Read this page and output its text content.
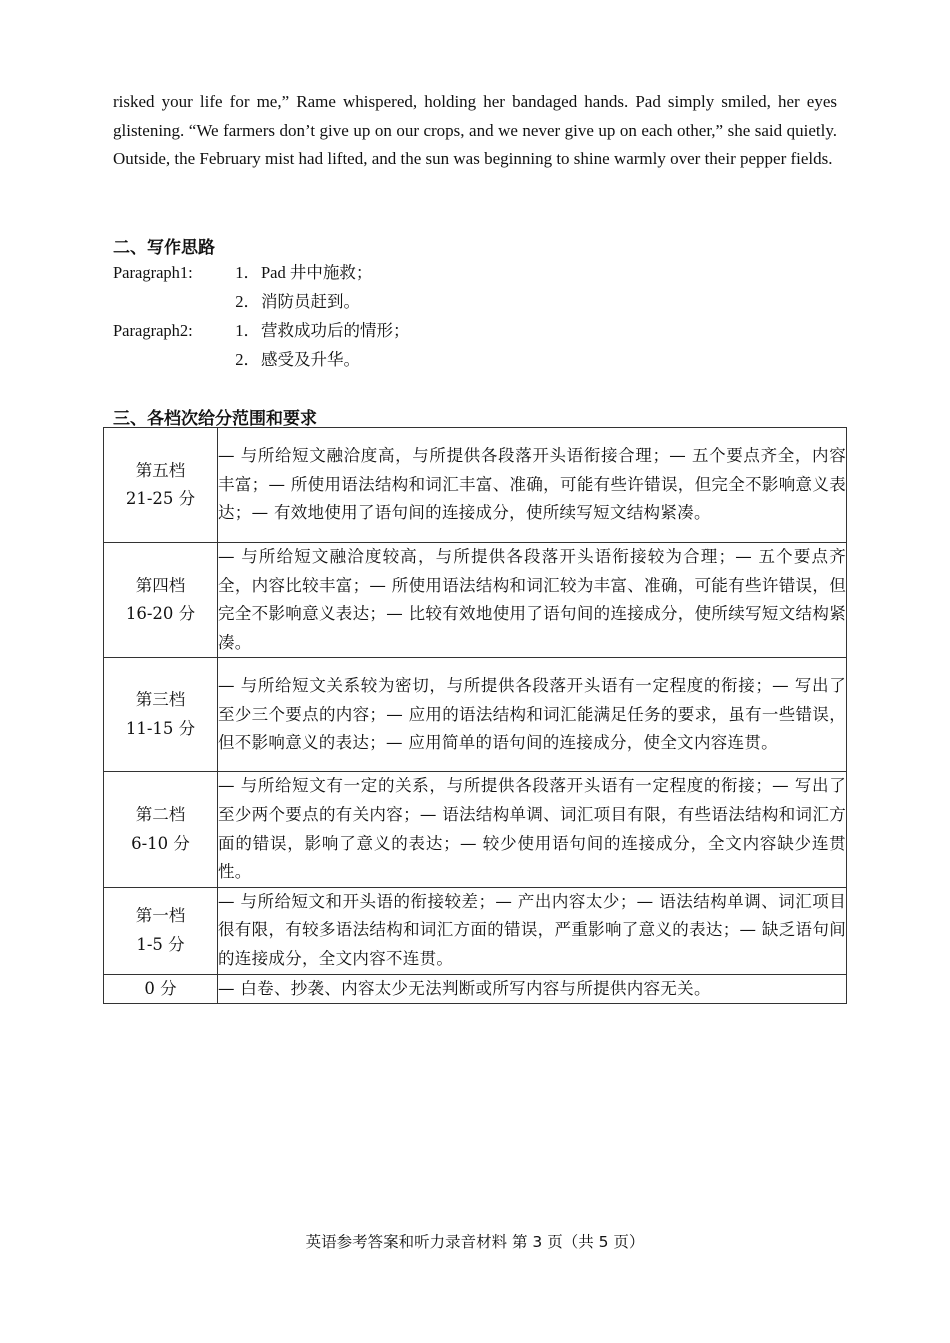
risked your life for me,” Rame whispered, holding her bandaged hands. Pad simply smiled, her eyes glistening. “We farmers don’t give up on our crops, and we never give up on each other,” she said quietly. Outside, the February mist had lifted, and the sun was beginning to shine warmly over their pepper fields.

二、写作思路
Paragraph1:	1． Pad 井中施救；
2． 消防员赶到。
Paragraph2:	1． 营救成功后的情形；
2． 感受及升华。
三、各档次给分范围和要求
第五档
21-25 分	— 与所给短文融洽度高，与所提供各段落开头语衔接合理；— 五个要点齐全，内容丰富；— 所使用语法结构和词汇丰富、准确，可能有些许错误，但完全不影响意义表达；— 有效地使用了语句间的连接成分，使所续写短文结构紧凑。

第四档
16-20 分	— 与所给短文融洽度较高，与所提供各段落开头语衔接较为合理；— 五个要点齐全，内容比较丰富；— 所使用语法结构和词汇较为丰富、准确，可能有些许错误，但完全不影响意义表达；— 比较有效地使用了语句间的连接成分，使所续写短文结构紧凑。

第三档
11-15 分	— 与所给短文关系较为密切，与所提供各段落开头语有一定程度的衔接；— 写出了至少三个要点的内容；— 应用的语法结构和词汇能满足任务的要求，虽有一些错误，但不影响意义的表达；— 应用简单的语句间的连接成分，使全文内容连贯。

第二档
6-10 分	— 与所给短文有一定的关系，与所提供各段落开头语有一定程度的衔接；— 写出了至少两个要点的有关内容；— 语法结构单调、词汇项目有限，有些语法结构和词汇方面的错误，影响了意义的表达；— 较少使用语句间的连接成分，全文内容缺少连贯性。

第一档
1-5 分	— 与所给短文和开头语的衔接较差；— 产出内容太少；— 语法结构单调、词汇项目很有限，有较多语法结构和词汇方面的错误，严重影响了意义的表达；— 缺乏语句间的连接成分，全文内容不连贯。

0 分	— 白卷、抄袭、内容太少无法判断或所写内容与所提供内容无关。
英语参考答案和听力录音材料 第 3 页（共 5 页）
